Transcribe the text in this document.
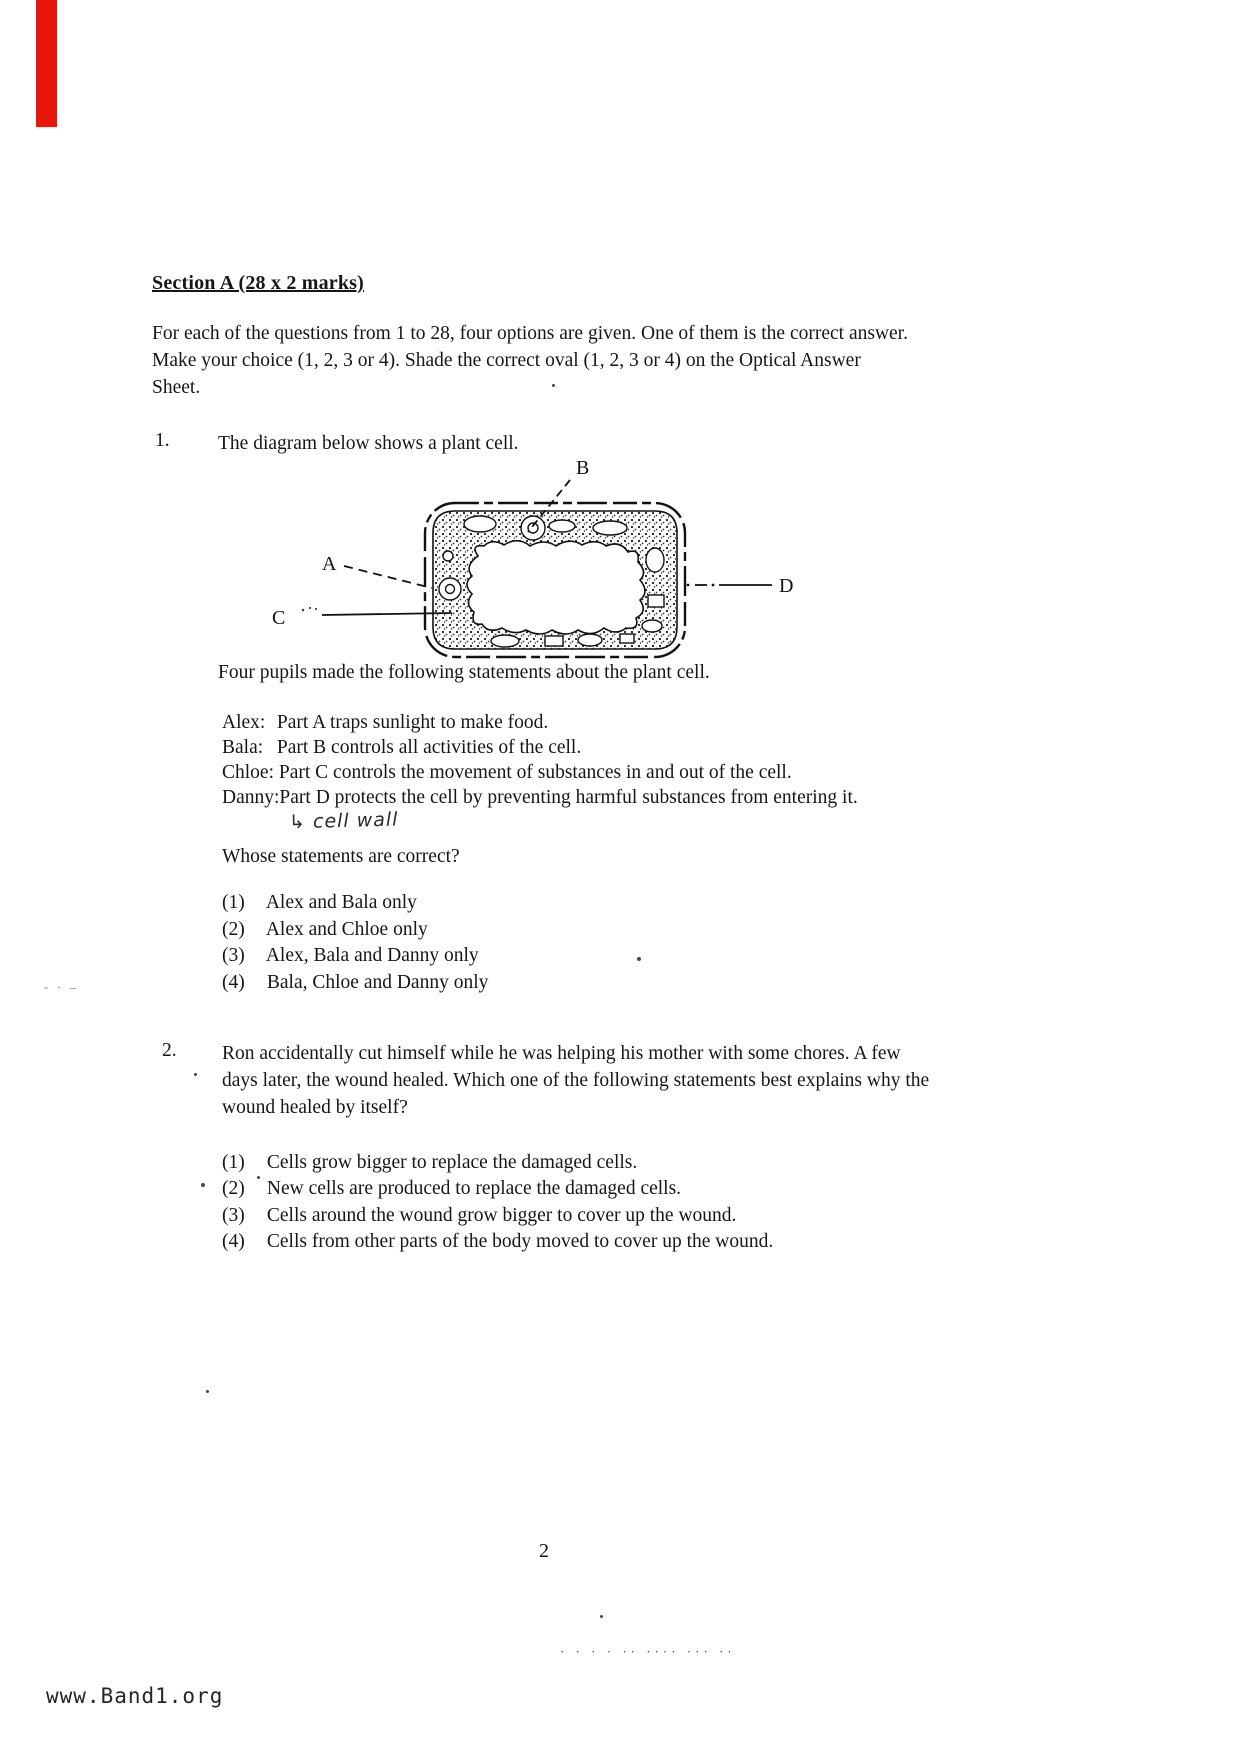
Section A (28 x 2 marks)
For each of the questions from 1 to 28, four options are given. One of them is the correct answer.
Make your choice (1, 2, 3 or 4). Shade the correct oval (1, 2, 3 or 4) on the Optical Answer
Sheet.
1. The diagram below shows a plant cell.
B
A
C
D
Four pupils made the following statements about the plant cell.
Alex: Part A traps sunlight to make food.
Bala: Part B controls all activities of the cell.
Chloe: Part C controls the movement of substances in and out of the cell.
Danny:Part D protects the cell by preventing harmful substances from entering it.
↳ cell wall
Whose statements are correct?
(1) Alex and Bala only
(2) Alex and Chloe only
(3) Alex, Bala and Danny only
(4) Bala, Chloe and Danny only
- · –
2. Ron accidentally cut himself while he was helping his mother with some chores. A few
days later, the wound healed. Which one of the following statements best explains why the
wound healed by itself?
(1) Cells grow bigger to replace the damaged cells.
(2) New cells are produced to replace the damaged cells.
(3) Cells around the wound grow bigger to cover up the wound.
(4) Cells from other parts of the body moved to cover up the wound.
2
· · · · ·· ···· ··· ··
www.Band1.org
